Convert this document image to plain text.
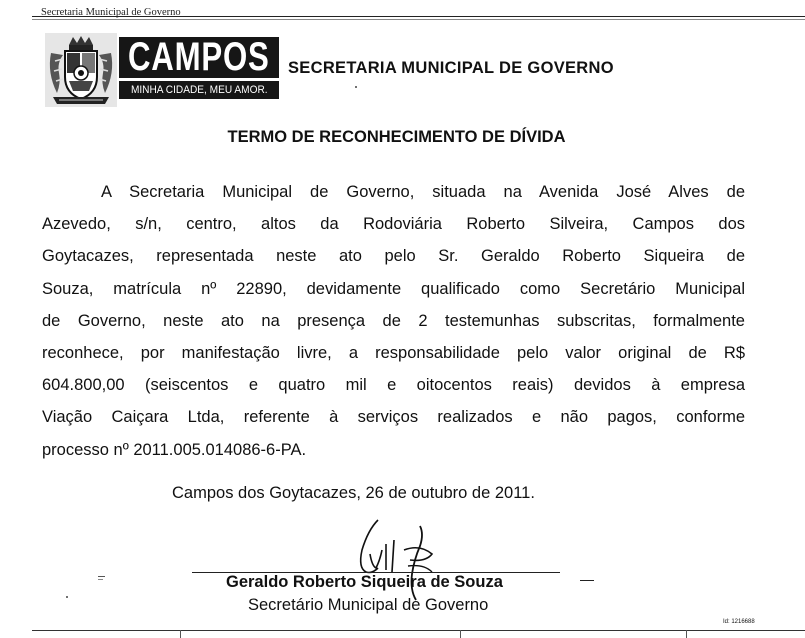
Secretaria Municipal de Governo
CAMPOS
MINHA CIDADE, MEU AMOR.
SECRETARIA MUNICIPAL DE GOVERNO
TERMO DE RECONHECIMENTO DE DÍVIDA
A Secretaria Municipal de Governo, situada na Avenida José Alves de
Azevedo, s/n, centro, altos da Rodoviária Roberto Silveira, Campos dos
Goytacazes, representada neste ato pelo Sr. Geraldo Roberto Siqueira de
Souza, matrícula nº 22890, devidamente qualificado como Secretário Municipal
de Governo, neste ato na presença de 2 testemunhas subscritas, formalmente
reconhece, por manifestação livre, a responsabilidade pelo valor original de R$
604.800,00 (seiscentos e quatro mil e oitocentos reais) devidos à empresa
Viação Caiçara Ltda, referente à serviços realizados e não pagos, conforme
processo nº 2011.005.014086-6-PA.
Campos dos Goytacazes, 26 de outubro de 2011.
Geraldo Roberto Siqueira de Souza
Secretário Municipal de Governo
Id: 1216688
